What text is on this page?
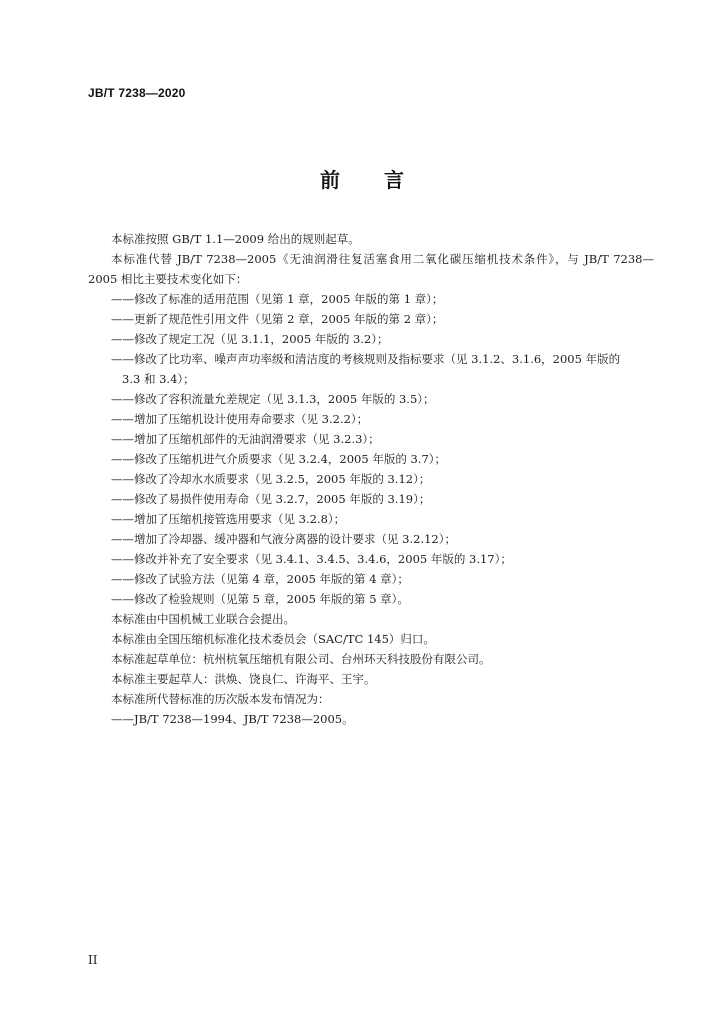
JB/T 7238—2020
前 言

本标准按照 GB/T 1.1—2009 给出的规则起草。

本标准代替 JB/T 7238—2005《无油润滑往复活塞食用二氧化碳压缩机技术条件》，与 JB/T 7238—2005 相比主要技术变化如下：

——修改了标准的适用范围（见第 1 章，2005 年版的第 1 章）；

——更新了规范性引用文件（见第 2 章，2005 年版的第 2 章）；

——修改了规定工况（见 3.1.1，2005 年版的 3.2）；

——修改了比功率、噪声声功率级和清洁度的考核规则及指标要求（见 3.1.2、3.1.6，2005 年版的

3.3 和 3.4）；

——修改了容积流量允差规定（见 3.1.3，2005 年版的 3.5）；

——增加了压缩机设计使用寿命要求（见 3.2.2）；

——增加了压缩机部件的无油润滑要求（见 3.2.3）；

——修改了压缩机进气介质要求（见 3.2.4，2005 年版的 3.7）；

——修改了冷却水水质要求（见 3.2.5，2005 年版的 3.12）；

——修改了易损件使用寿命（见 3.2.7，2005 年版的 3.19）；

——增加了压缩机接管选用要求（见 3.2.8）；

——增加了冷却器、缓冲器和气液分离器的设计要求（见 3.2.12）；

——修改并补充了安全要求（见 3.4.1、3.4.5、3.4.6，2005 年版的 3.17）；

——修改了试验方法（见第 4 章，2005 年版的第 4 章）；

——修改了检验规则（见第 5 章，2005 年版的第 5 章）。

本标准由中国机械工业联合会提出。

本标准由全国压缩机标准化技术委员会（SAC/TC 145）归口。

本标准起草单位：杭州杭氧压缩机有限公司、台州环天科技股份有限公司。

本标准主要起草人：洪焕、饶良仁、许海平、王宇。

本标准所代替标准的历次版本发布情况为：

——JB/T 7238—1994、JB/T 7238—2005。

II
